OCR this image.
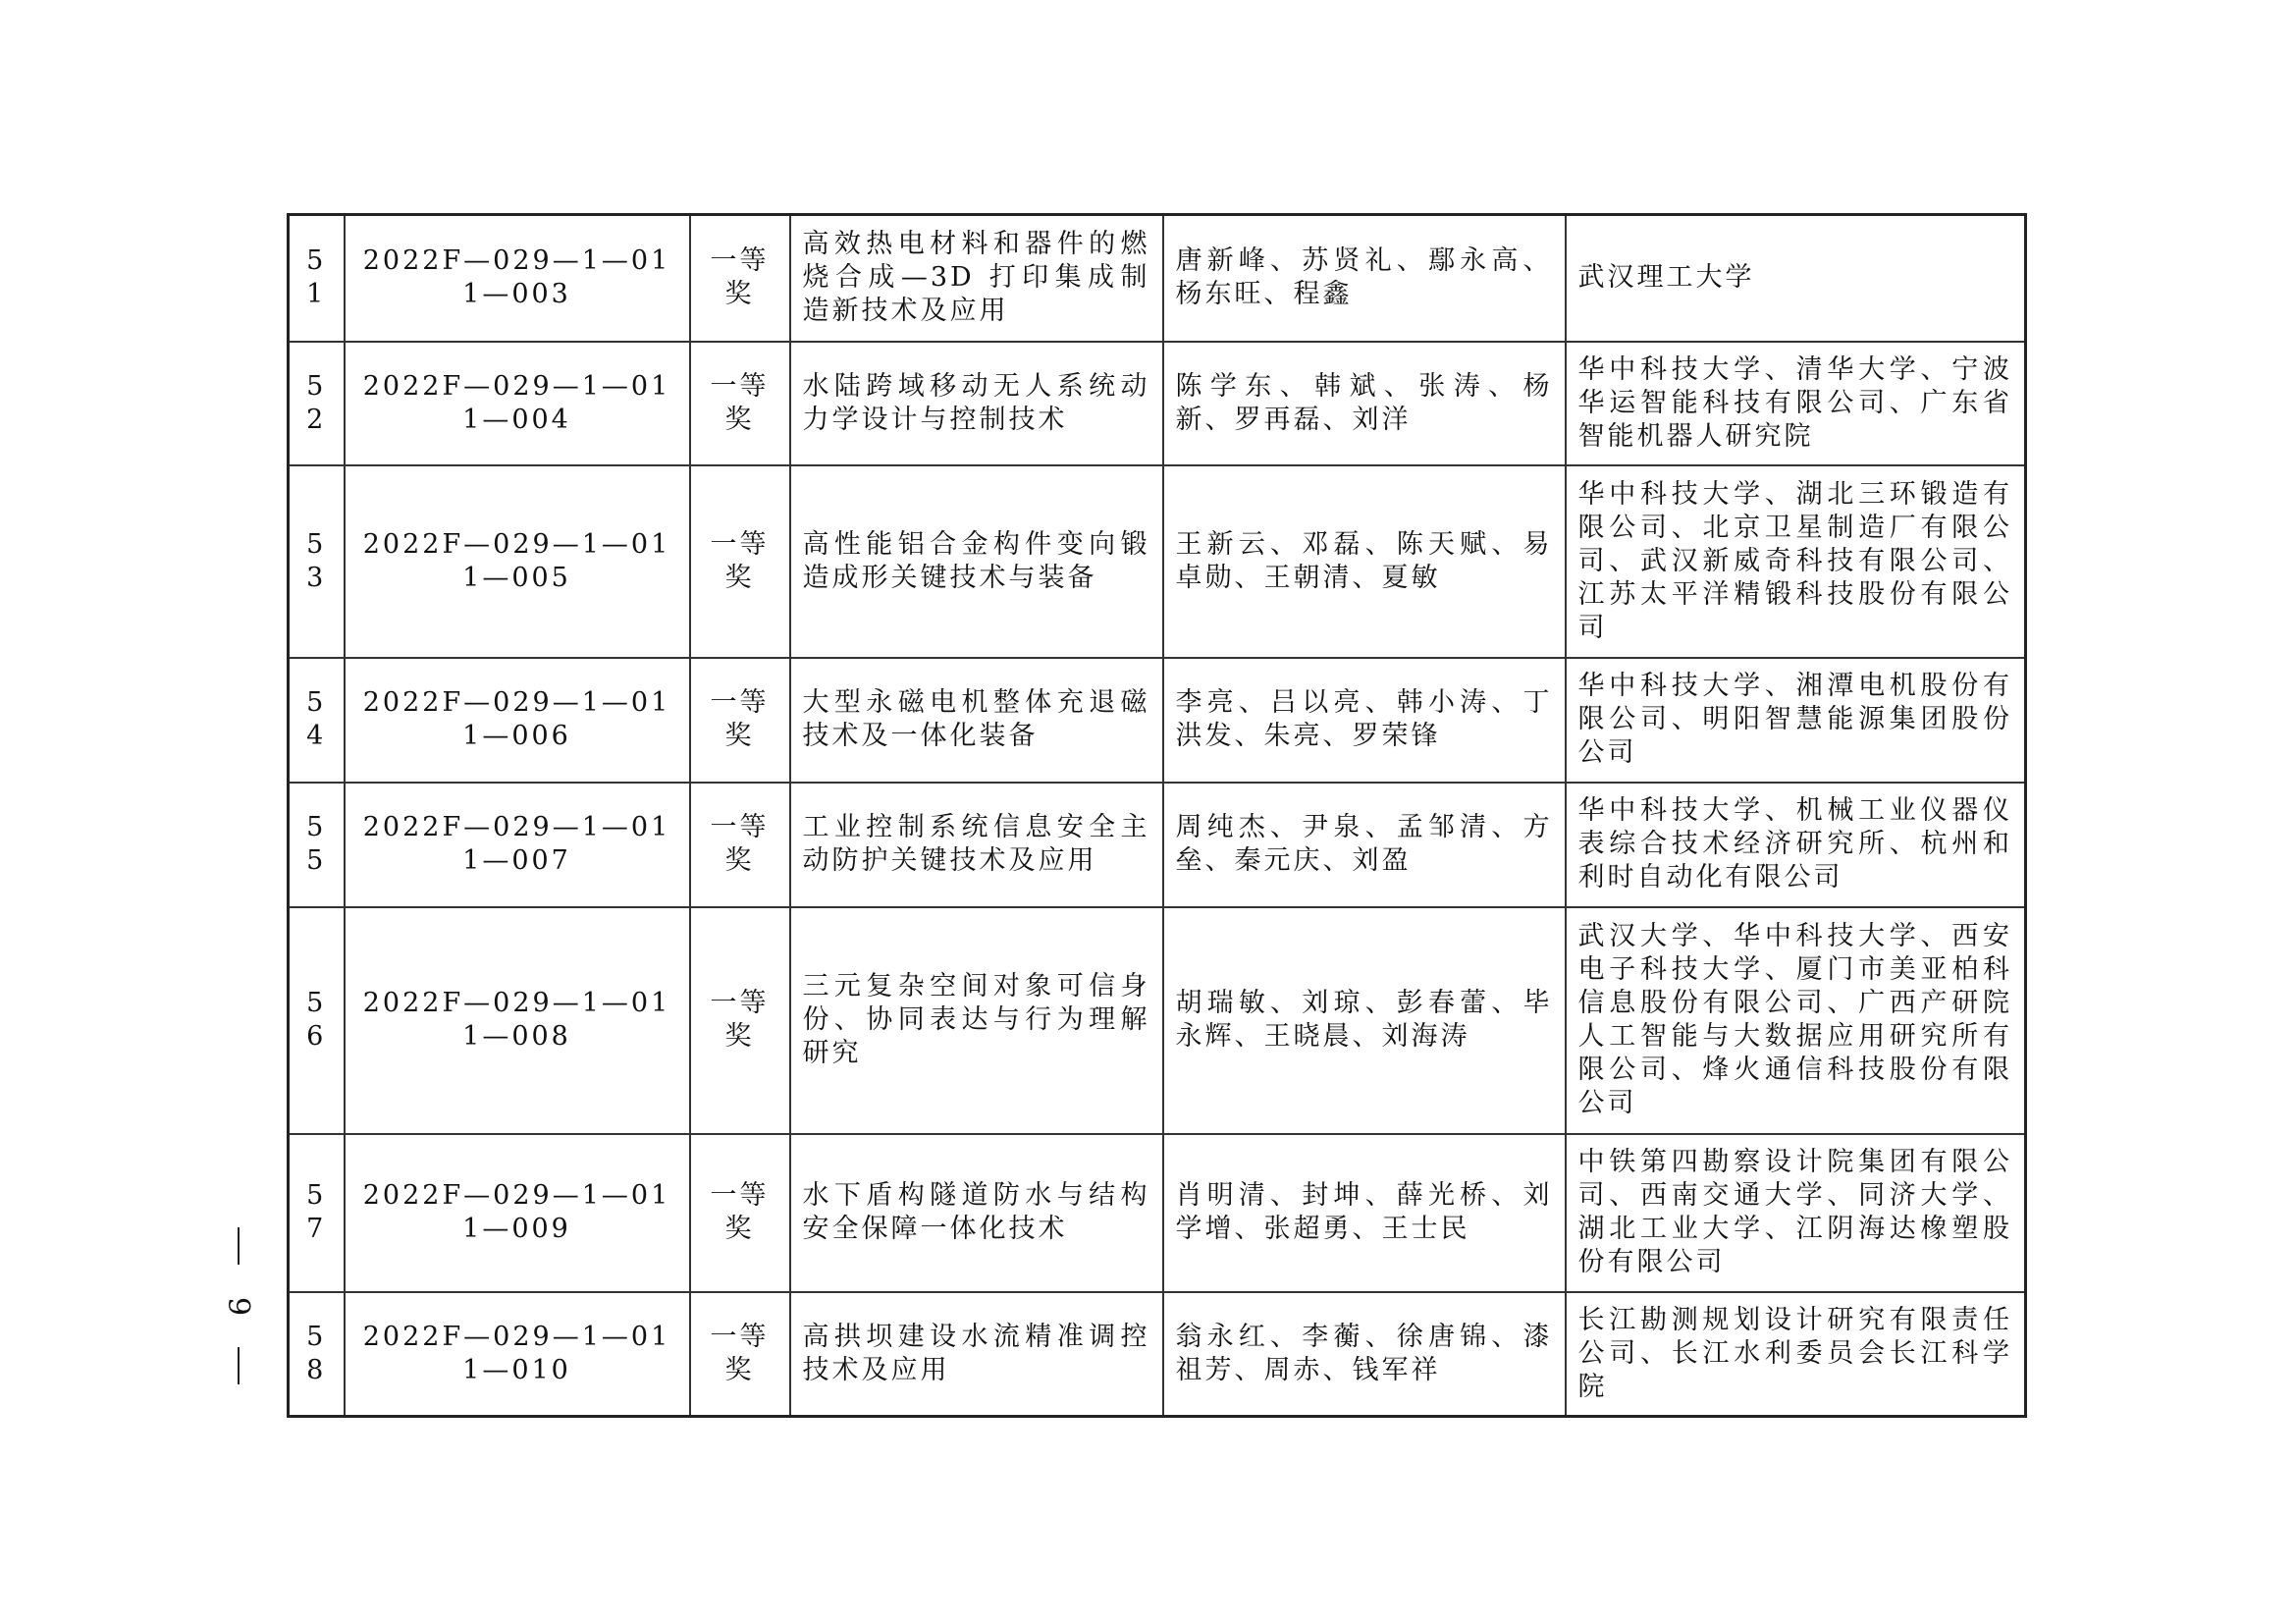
51	2022F—029—1—011—003	一等奖	高效热电材料和器件的燃烧合成—3D 打印集成制造新技术及应用	唐新峰、苏贤礼、鄢永高、杨东旺、程鑫	武汉理工大学
52	2022F—029—1—011—004	一等奖	水陆跨域移动无人系统动力学设计与控制技术	陈学东、韩斌、张涛、杨新、罗再磊、刘洋	华中科技大学、清华大学、宁波华运智能科技有限公司、广东省智能机器人研究院
53	2022F—029—1—011—005	一等奖	高性能铝合金构件变向锻造成形关键技术与装备	王新云、邓磊、陈天赋、易卓勋、王朝清、夏敏	华中科技大学、湖北三环锻造有限公司、北京卫星制造厂有限公司、武汉新威奇科技有限公司、江苏太平洋精锻科技股份有限公司
54	2022F—029—1—011—006	一等奖	大型永磁电机整体充退磁技术及一体化装备	李亮、吕以亮、韩小涛、丁洪发、朱亮、罗荣锋	华中科技大学、湘潭电机股份有限公司、明阳智慧能源集团股份公司
55	2022F—029—1—011—007	一等奖	工业控制系统信息安全主动防护关键技术及应用	周纯杰、尹泉、孟邹清、方垒、秦元庆、刘盈	华中科技大学、机械工业仪器仪表综合技术经济研究所、杭州和利时自动化有限公司
56	2022F—029—1—011—008	一等奖	三元复杂空间对象可信身份、协同表达与行为理解研究	胡瑞敏、刘琼、彭春蕾、毕永辉、王晓晨、刘海涛	武汉大学、华中科技大学、西安电子科技大学、厦门市美亚柏科信息股份有限公司、广西产研院人工智能与大数据应用研究所有限公司、烽火通信科技股份有限公司
57	2022F—029—1—011—009	一等奖	水下盾构隧道防水与结构安全保障一体化技术	肖明清、封坤、薛光桥、刘学增、张超勇、王士民	中铁第四勘察设计院集团有限公司、西南交通大学、同济大学、湖北工业大学、江阴海达橡塑股份有限公司
58	2022F—029—1—011—010	一等奖	高拱坝建设水流精准调控技术及应用	翁永红、李蘅、徐唐锦、漆祖芳、周赤、钱军祥	长江勘测规划设计研究有限责任公司、长江水利委员会长江科学院
9
